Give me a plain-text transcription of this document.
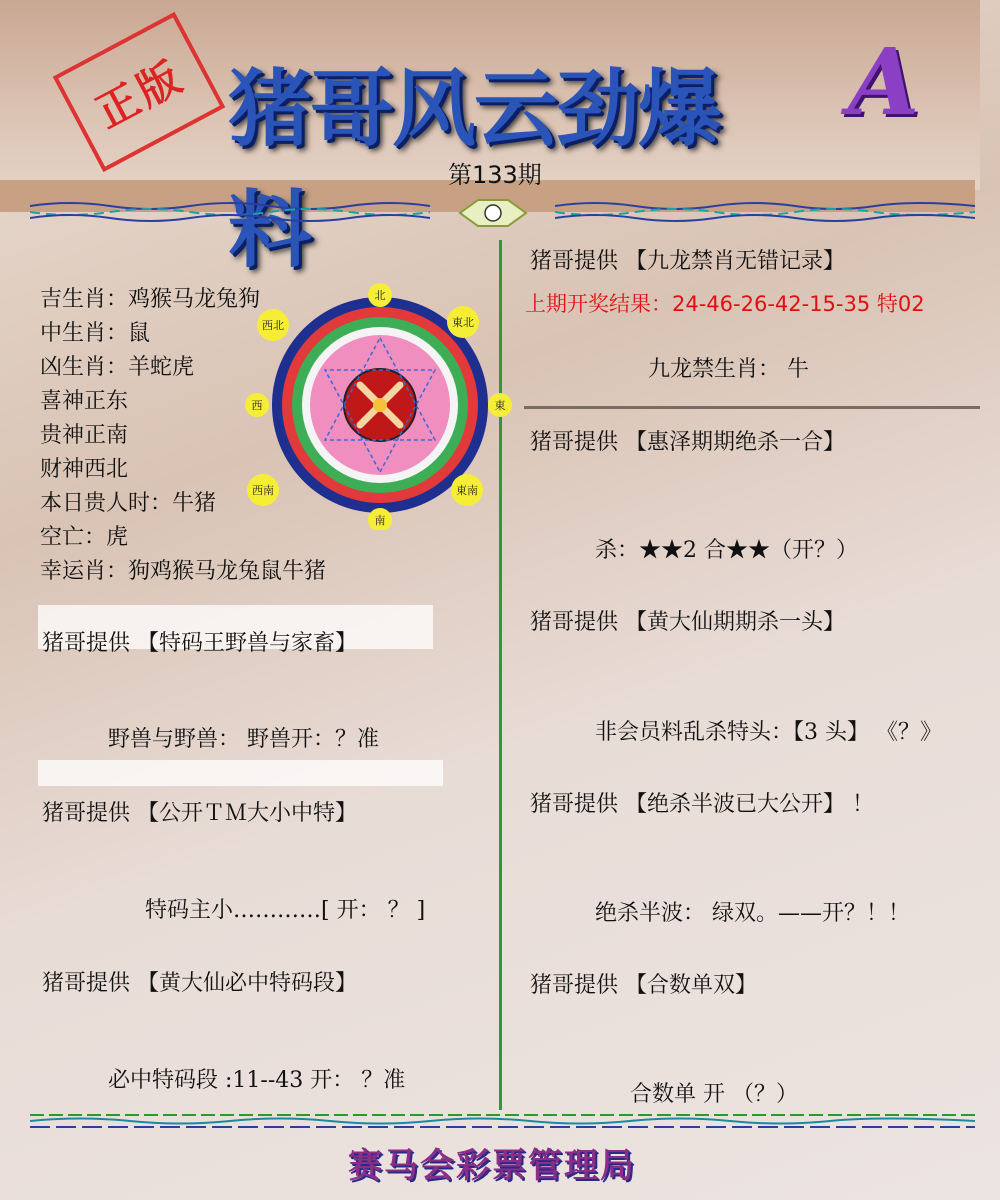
正版 猪哥风云劲爆料
A
第133期
吉生肖：鸡猴马龙兔狗
中生肖：鼠
凶生肖：羊蛇虎
喜神正东
贵神正南
财神西北
本日贵人时：牛猪
空亡：虎
幸运肖：狗鸡猴马龙兔鼠牛猪
北
東北
東
東南
南
西南
西
西北
猪哥提供 【特码王野兽与家畜】
野兽与野兽： 野兽开：？准
猪哥提供 【公开ＴＭ大小中特】
特码主小…………[ 开： ？ ]
猪哥提供 【黄大仙必中特码段】
必中特码段 :11--43 开： ？准
猪哥提供 【九龙禁肖无错记录】
上期开奖结果：24-46-26-42-15-35 特02
九龙禁生肖： 牛
猪哥提供 【惠泽期期绝杀一合】
杀：★★2 合★★（开？）
猪哥提供 【黄大仙期期杀一头】
非会员料乱杀特头：【3 头】 《？》
猪哥提供 【绝杀半波已大公开】 ！
绝杀半波： 绿双。——开？！！
猪哥提供 【合数单双】
合数单 开 （？）
赛马会彩票管理局
